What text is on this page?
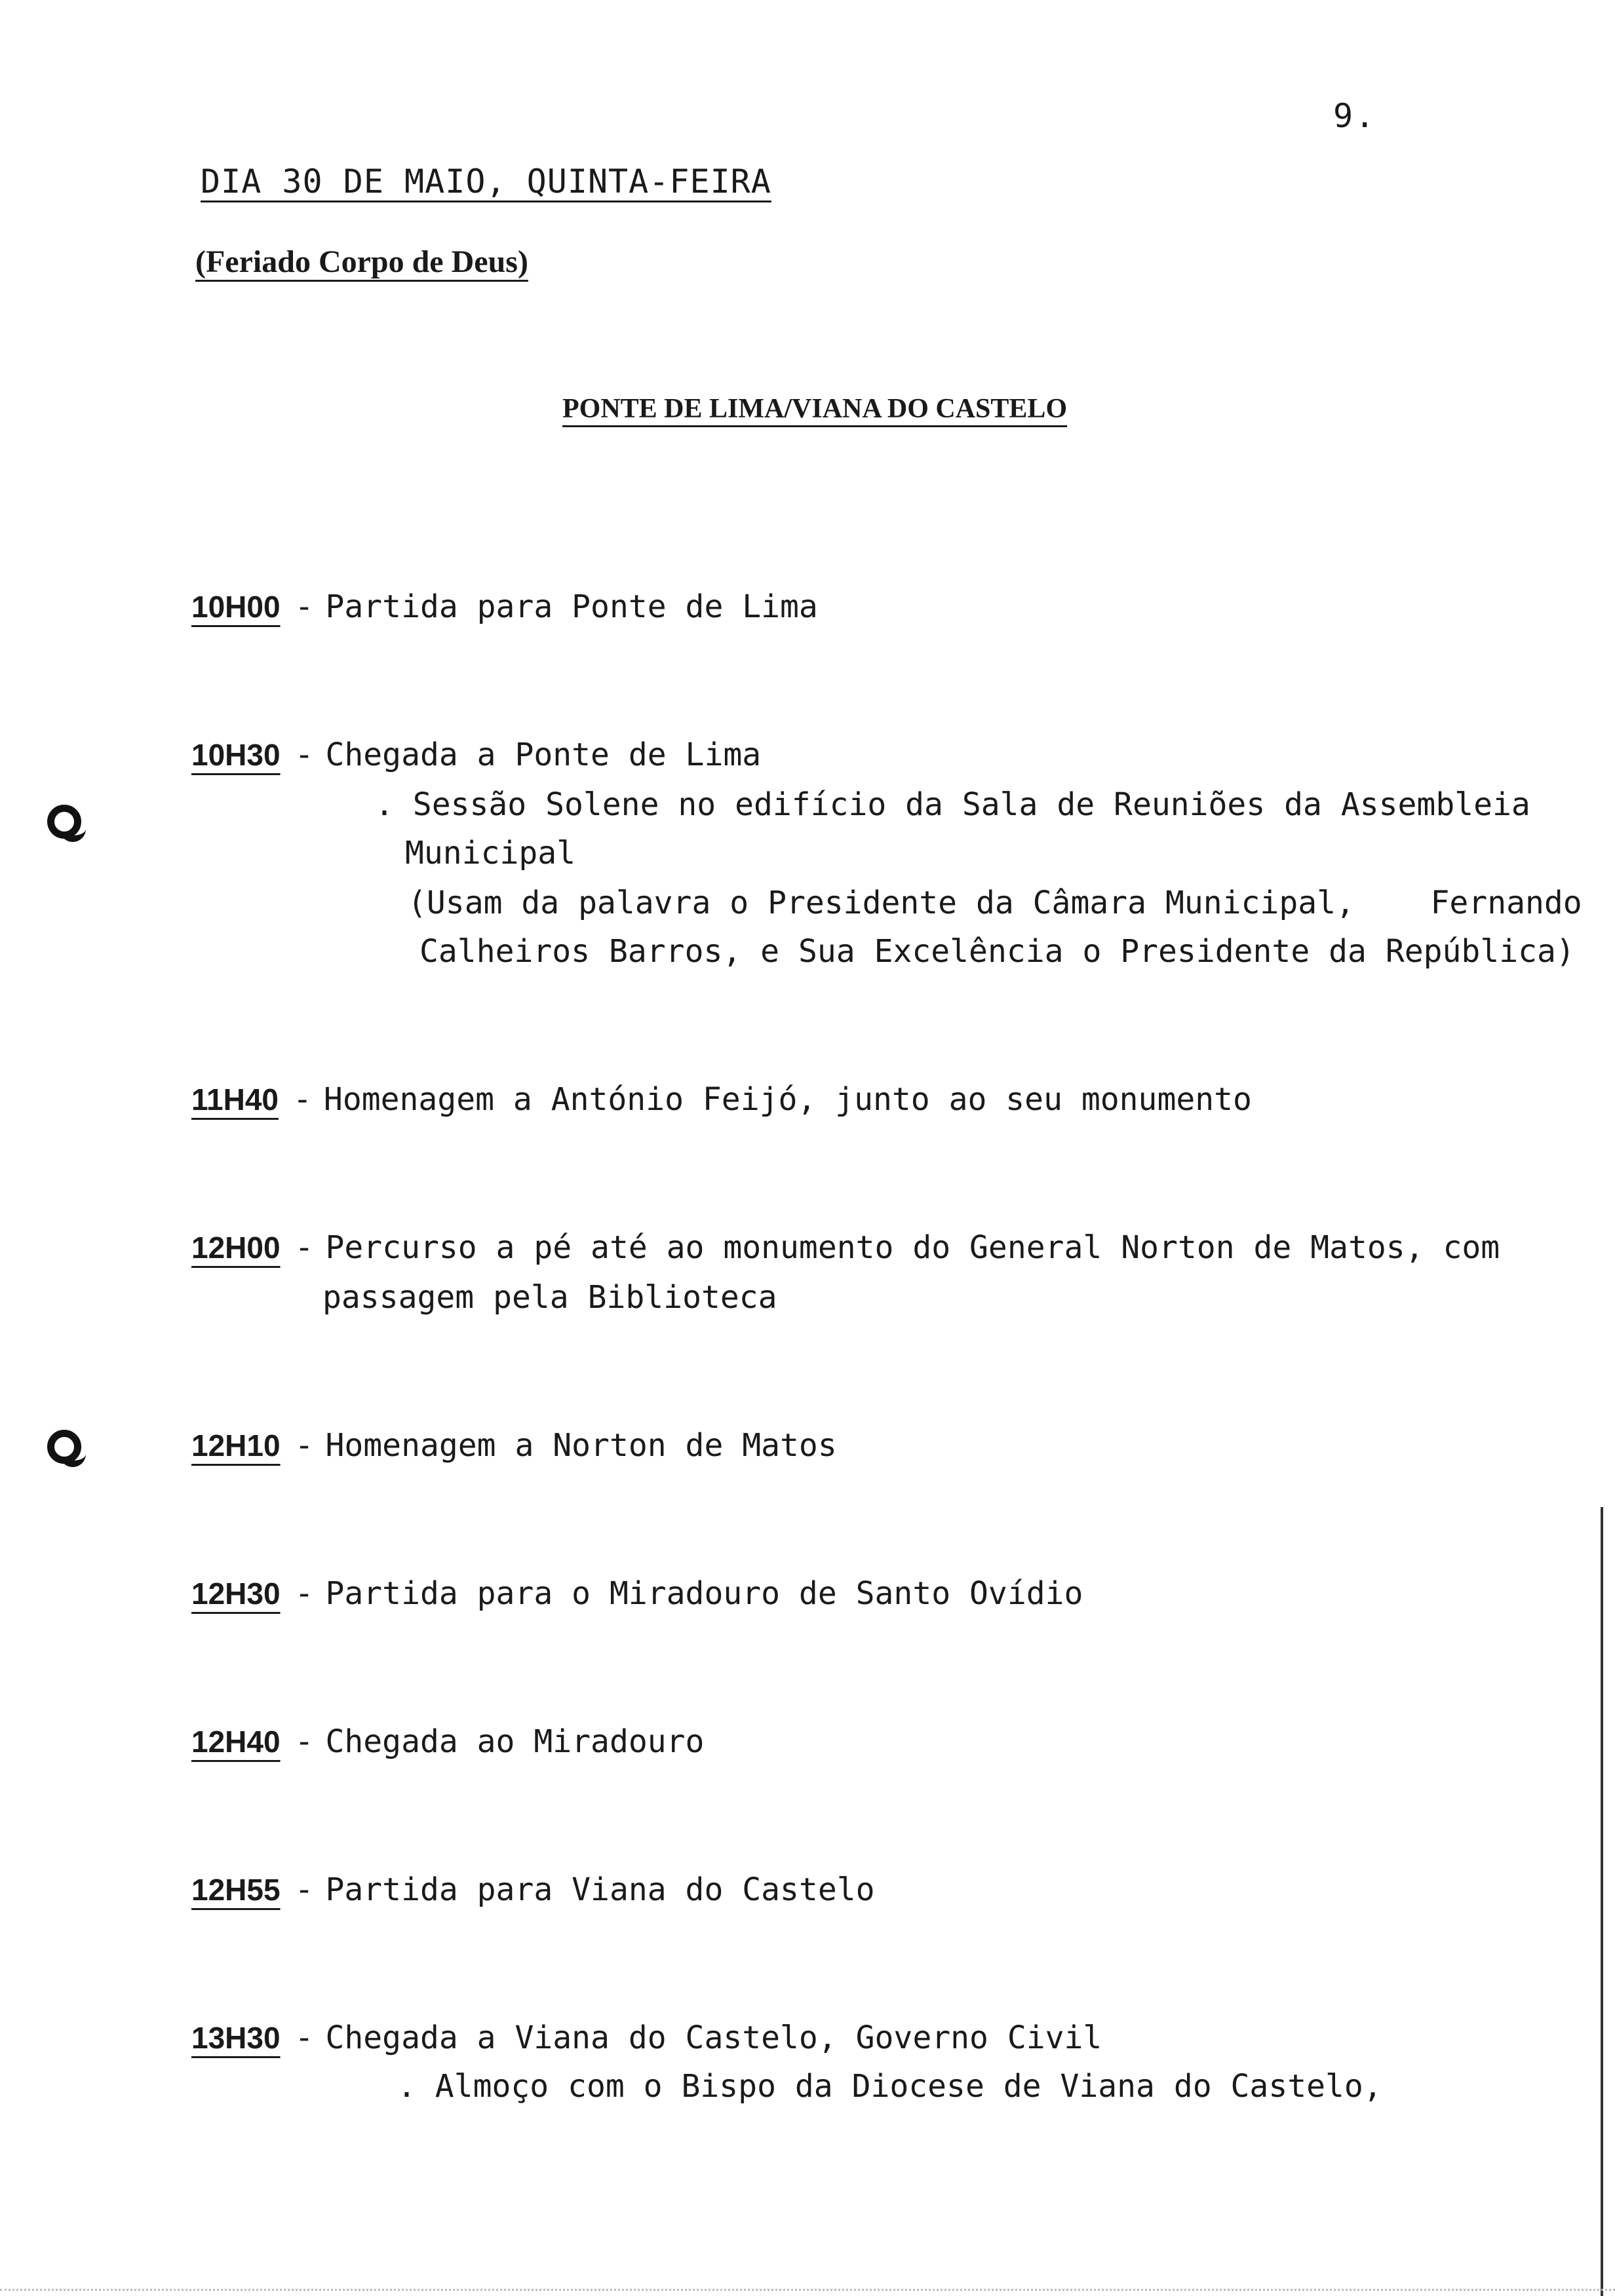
9.
DIA 30 DE MAIO, QUINTA-FEIRA
(Feriado Corpo de Deus)
PONTE DE LIMA/VIANA DO CASTELO
10H00 - Partida para Ponte de Lima
10H30 - Chegada a Ponte de Lima
. Sessão Solene no edifício da Sala de Reuniões da Assembleia
Municipal
(Usam da palavra o Presidente da Câmara Municipal,    Fernando
Calheiros Barros, e Sua Excelência o Presidente da República)
11H40 - Homenagem a António Feijó, junto ao seu monumento
12H00 - Percurso a pé até ao monumento do General Norton de Matos, com
passagem pela Biblioteca
12H10 - Homenagem a Norton de Matos
12H30 - Partida para o Miradouro de Santo Ovídio
12H40 - Chegada ao Miradouro
12H55 - Partida para Viana do Castelo
13H30 - Chegada a Viana do Castelo, Governo Civil
. Almoço com o Bispo da Diocese de Viana do Castelo,
